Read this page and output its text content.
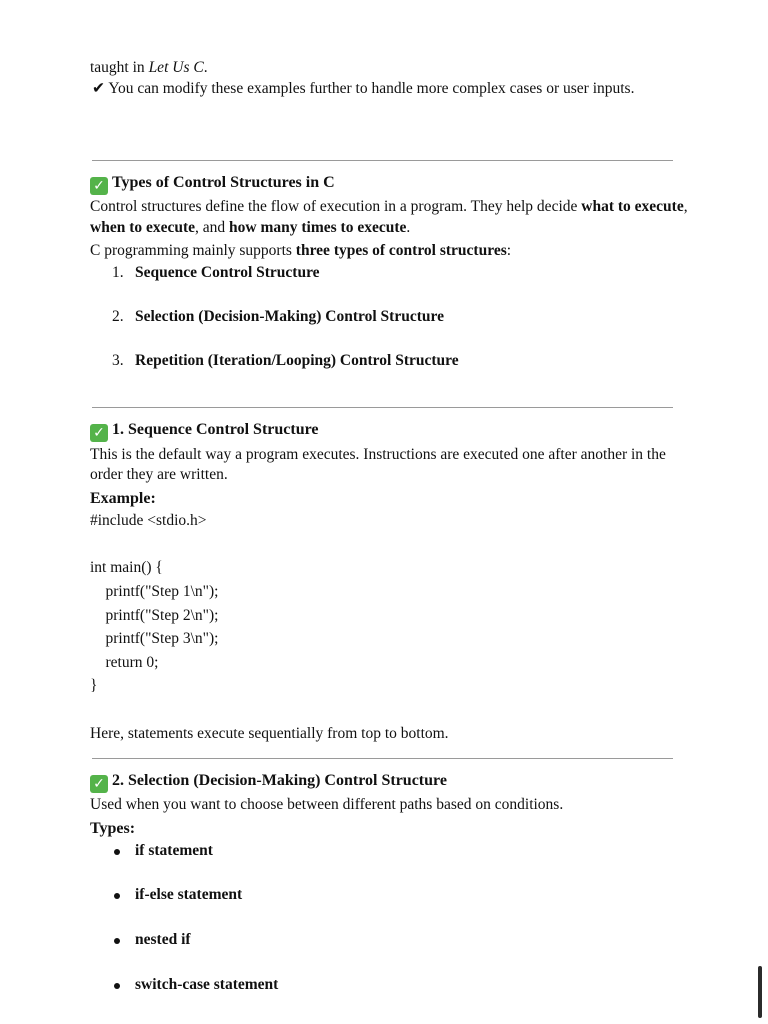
taught in Let Us C.
✔ You can modify these examples further to handle more complex cases or user inputs.
✓ Types of Control Structures in C
Control structures define the flow of execution in a program. They help decide what to execute,
when to execute, and how many times to execute.
C programming mainly supports three types of control structures:
1. Sequence Control Structure
2. Selection (Decision-Making) Control Structure
3. Repetition (Iteration/Looping) Control Structure
✓ 1. Sequence Control Structure
This is the default way a program executes. Instructions are executed one after another in the
order they are written.
Example:
#include <stdio.h>
int main() {
printf("Step 1\n");
printf("Step 2\n");
printf("Step 3\n");
return 0;
}
Here, statements execute sequentially from top to bottom.
✓ 2. Selection (Decision-Making) Control Structure
Used when you want to choose between different paths based on conditions.
Types:
if statement
if-else statement
nested if
switch-case statement
